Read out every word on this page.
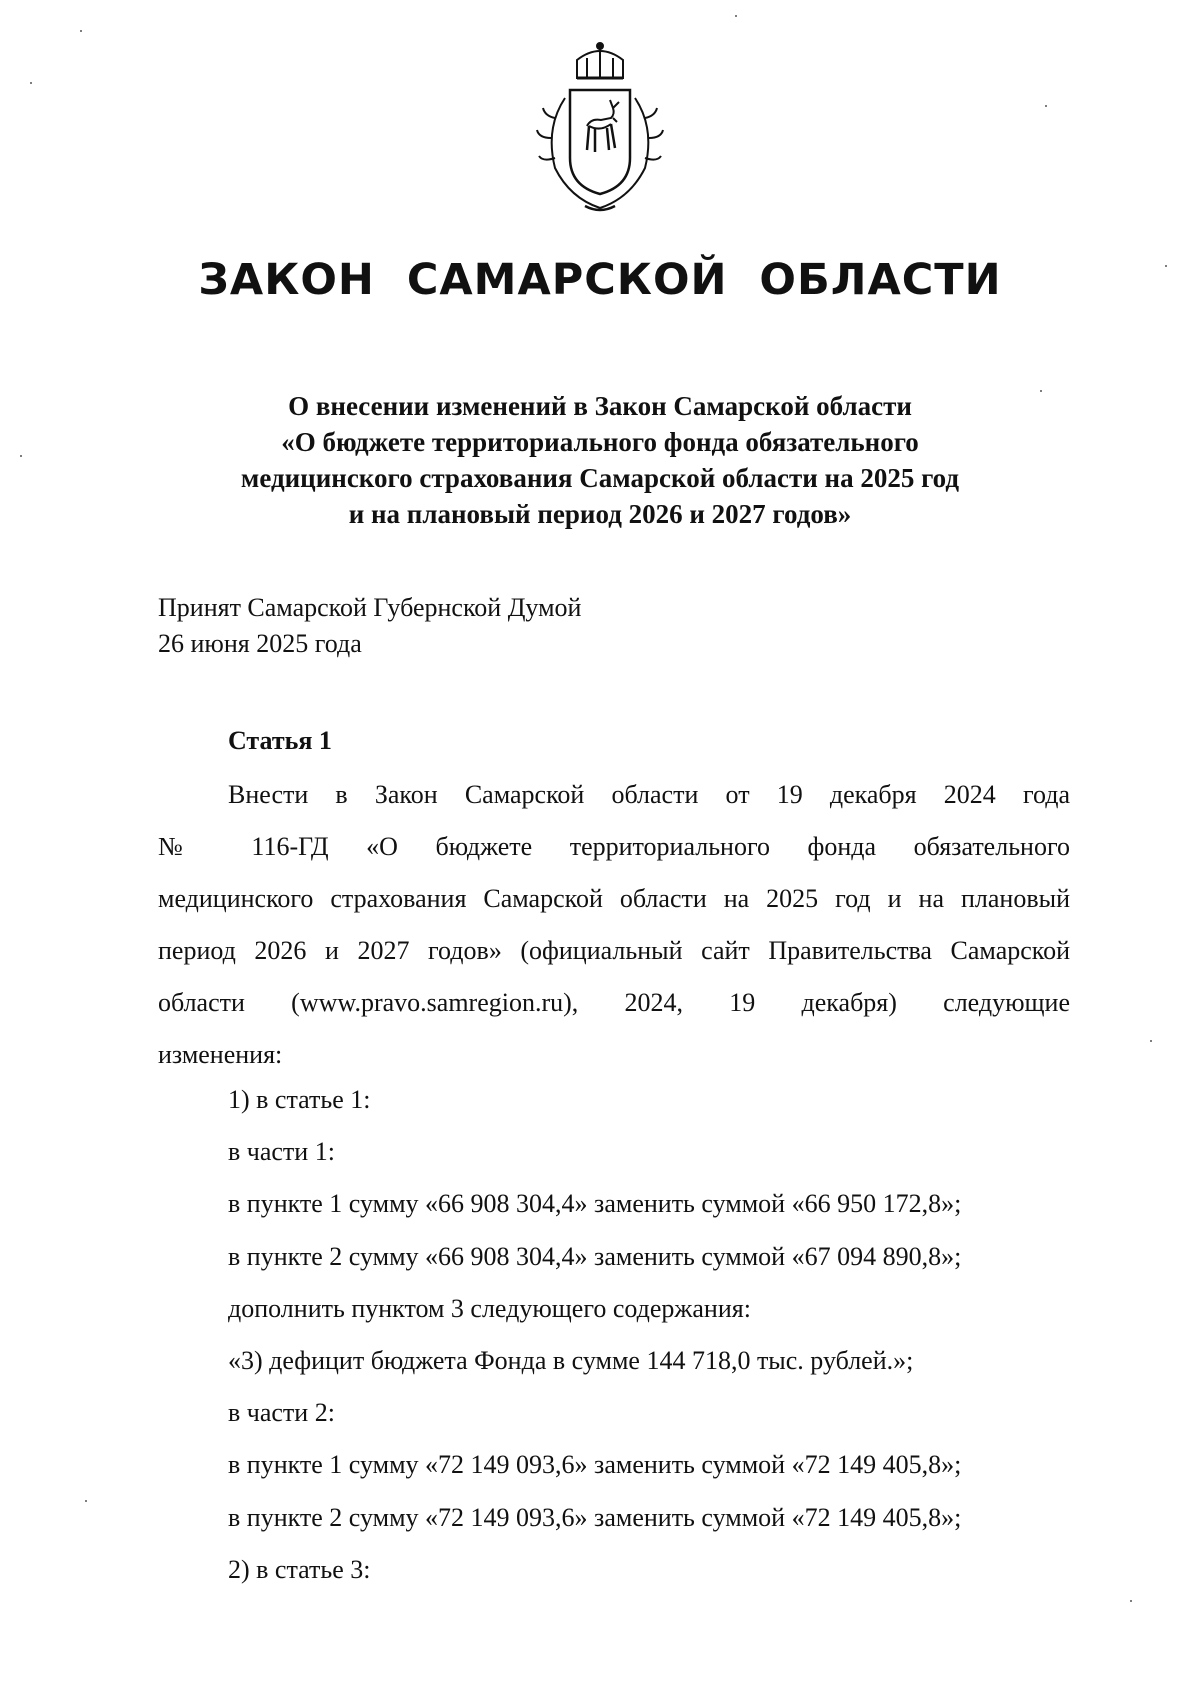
ЗАКОН  САМАРСКОЙ  ОБЛАСТИ
О внесении изменений в Закон Самарской области
«О бюджете территориального фонда обязательного
медицинского страхования Самарской области на 2025 год
и на плановый период 2026 и 2027 годов»
Принят Самарской Губернской Думой
26 июня 2025 года
Статья 1
Внести в Закон Самарской области от 19 декабря 2024 года
№ 116-ГД «О бюджете территориального фонда обязательного
медицинского страхования Самарской области на 2025 год и на плановый
период 2026 и 2027 годов» (официальный сайт Правительства Самарской
области (www.pravo.samregion.ru), 2024, 19 декабря) следующие
изменения:
1) в статье 1:
в части 1:
в пункте 1 сумму «66 908 304,4» заменить суммой «66 950 172,8»;
в пункте 2 сумму «66 908 304,4» заменить суммой «67 094 890,8»;
дополнить пунктом 3 следующего содержания:
«3) дефицит бюджета Фонда в сумме 144 718,0 тыс. рублей.»;
в части 2:
в пункте 1 сумму «72 149 093,6» заменить суммой «72 149 405,8»;
в пункте 2 сумму «72 149 093,6» заменить суммой «72 149 405,8»;
2) в статье 3:
